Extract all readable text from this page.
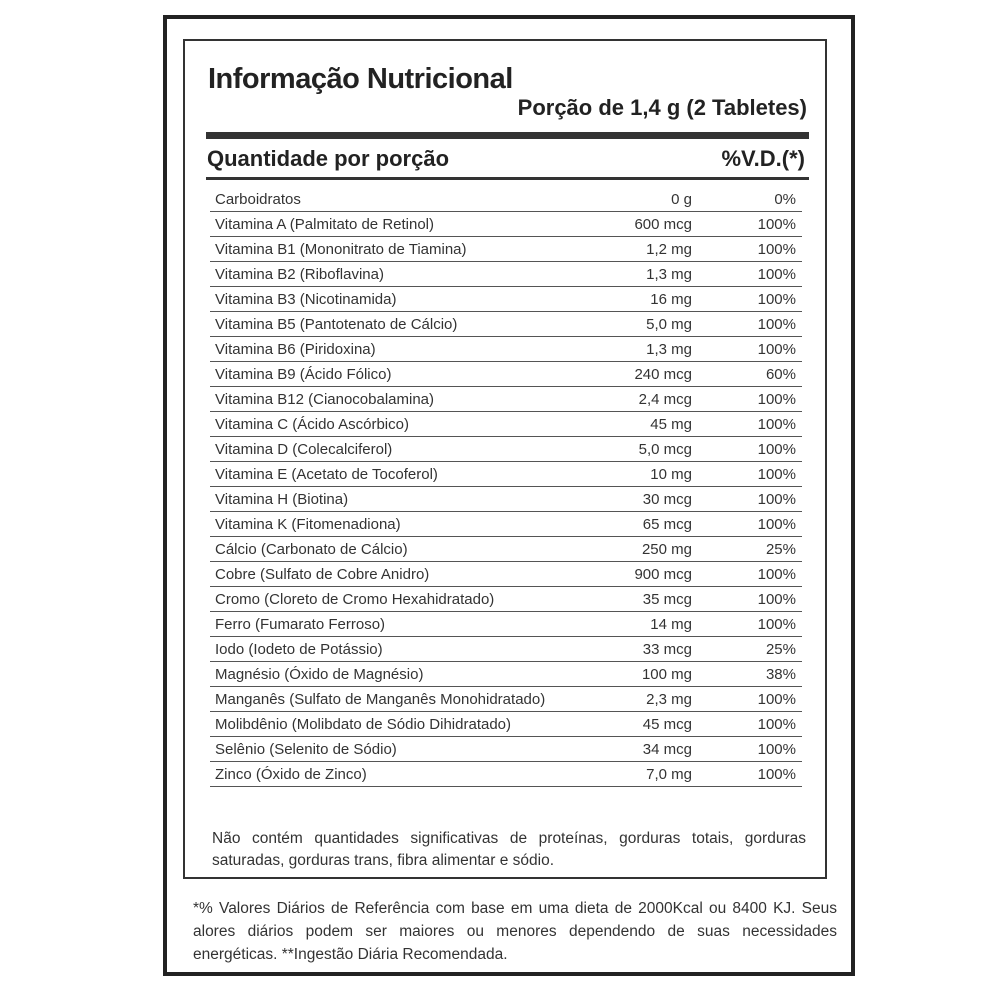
Informação Nutricional
Porção de 1,4 g (2 Tabletes)
Quantidade por porção	%V.D.(*)
Carboidratos	0 g	0%
Vitamina A (Palmitato de Retinol)	600 mcg	100%
Vitamina B1 (Mononitrato de Tiamina)	1,2 mg	100%
Vitamina B2 (Riboflavina)	1,3 mg	100%
Vitamina B3 (Nicotinamida)	16 mg	100%
Vitamina B5 (Pantotenato de Cálcio)	5,0 mg	100%
Vitamina B6 (Piridoxina)	1,3 mg	100%
Vitamina B9 (Ácido Fólico)	240 mcg	60%
Vitamina B12 (Cianocobalamina)	2,4 mcg	100%
Vitamina C (Ácido Ascórbico)	45 mg	100%
Vitamina D (Colecalciferol)	5,0 mcg	100%
Vitamina E (Acetato de Tocoferol)	10 mg	100%
Vitamina H (Biotina)	30 mcg	100%
Vitamina K (Fitomenadiona)	65 mcg	100%
Cálcio (Carbonato de Cálcio)	250 mg	25%
Cobre (Sulfato de Cobre Anidro)	900 mcg	100%
Cromo (Cloreto de Cromo Hexahidratado)	35 mcg	100%
Ferro (Fumarato Ferroso)	14 mg	100%
Iodo (Iodeto de Potássio)	33 mcg	25%
Magnésio (Óxido de Magnésio)	100 mg	38%
Manganês (Sulfato de Manganês Monohidratado)	2,3 mg	100%
Molibdênio (Molibdato de Sódio Dihidratado)	45 mcg	100%
Selênio (Selenito de Sódio)	34 mcg	100%
Zinco (Óxido de Zinco)	7,0 mg	100%
Não contém quantidades significativas de proteínas, gorduras totais, gorduras saturadas, gorduras trans, fibra alimentar e sódio.
*% Valores Diários de Referência com base em uma dieta de 2000Kcal ou 8400 KJ. Seus alores diários podem ser maiores ou menores dependendo de suas necessidades energéticas. **Ingestão Diária Recomendada.
